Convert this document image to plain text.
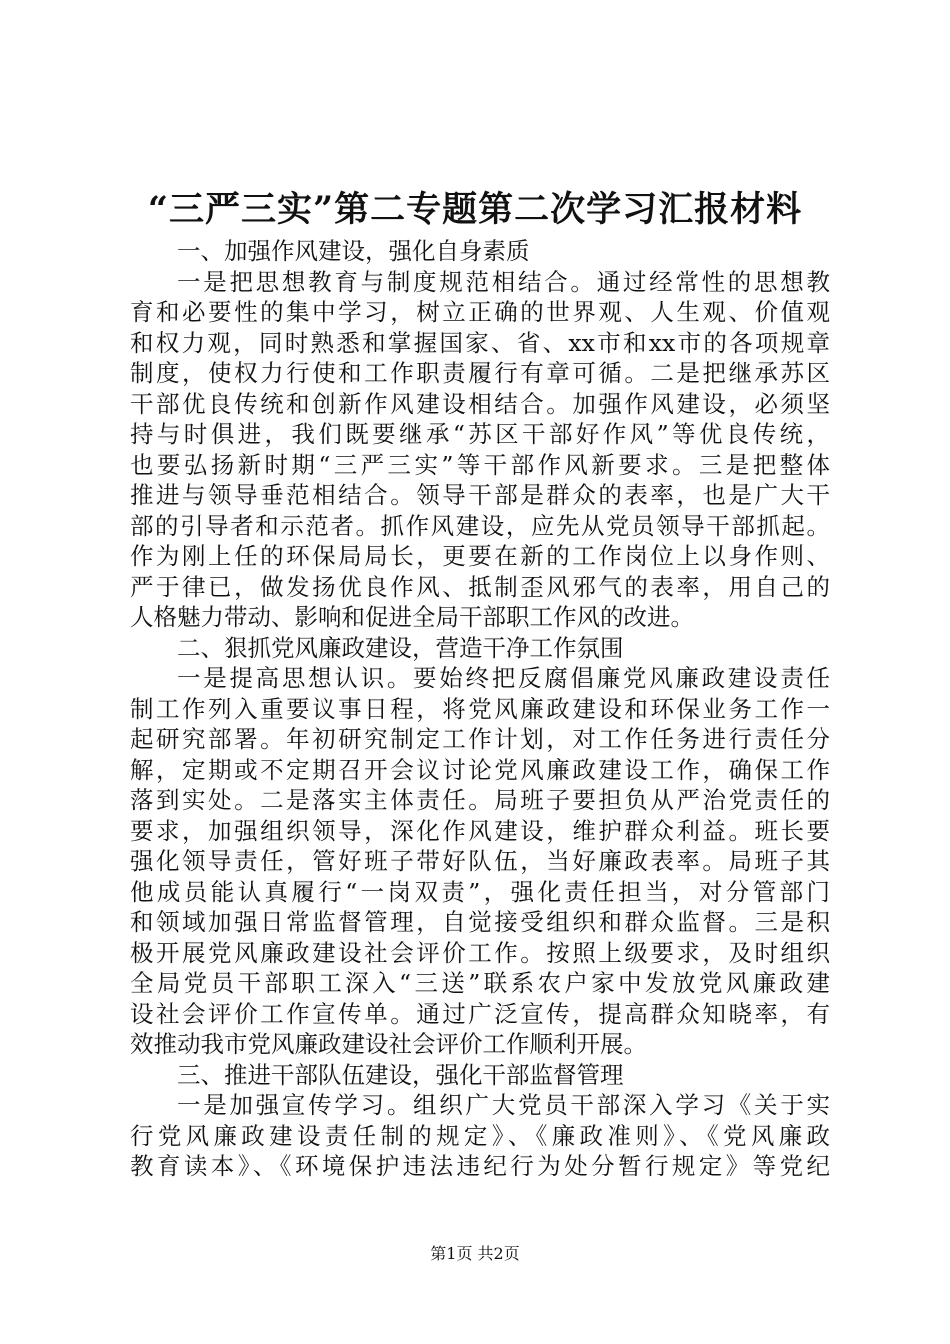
“三严三实”第二专题第二次学习汇报材料
一、加强作风建设，强化自身素质
一是把思想教育与制度规范相结合。通过经常性的思想教
育和必要性的集中学习，树立正确的世界观、人生观、价值观
和权力观，同时熟悉和掌握国家、省、xx市和xx市的各项规章
制度，使权力行使和工作职责履行有章可循。二是把继承苏区
干部优良传统和创新作风建设相结合。加强作风建设，必须坚
持与时俱进，我们既要继承“苏区干部好作风”等优良传统，
也要弘扬新时期“三严三实”等干部作风新要求。三是把整体
推进与领导垂范相结合。领导干部是群众的表率，也是广大干
部的引导者和示范者。抓作风建设，应先从党员领导干部抓起。
作为刚上任的环保局局长，更要在新的工作岗位上以身作则、
严于律已，做发扬优良作风、抵制歪风邪气的表率，用自己的
人格魅力带动、影响和促进全局干部职工作风的改进。
二、狠抓党风廉政建设，营造干净工作氛围
一是提高思想认识。要始终把反腐倡廉党风廉政建设责任
制工作列入重要议事日程，将党风廉政建设和环保业务工作一
起研究部署。年初研究制定工作计划，对工作任务进行责任分
解，定期或不定期召开会议讨论党风廉政建设工作，确保工作
落到实处。二是落实主体责任。局班子要担负从严治党责任的
要求，加强组织领导，深化作风建设，维护群众利益。班长要
强化领导责任，管好班子带好队伍，当好廉政表率。局班子其
他成员能认真履行“一岗双责”，强化责任担当，对分管部门
和领域加强日常监督管理，自觉接受组织和群众监督。三是积
极开展党风廉政建设社会评价工作。按照上级要求，及时组织
全局党员干部职工深入“三送”联系农户家中发放党风廉政建
设社会评价工作宣传单。通过广泛宣传，提高群众知晓率，有
效推动我市党风廉政建设社会评价工作顺利开展。
三、推进干部队伍建设，强化干部监督管理
一是加强宣传学习。组织广大党员干部深入学习《关于实
行党风廉政建设责任制的规定》、《廉政准则》、《党风廉政
教育读本》、《环境保护违法违纪行为处分暂行规定》等党纪
第1页 共2页
